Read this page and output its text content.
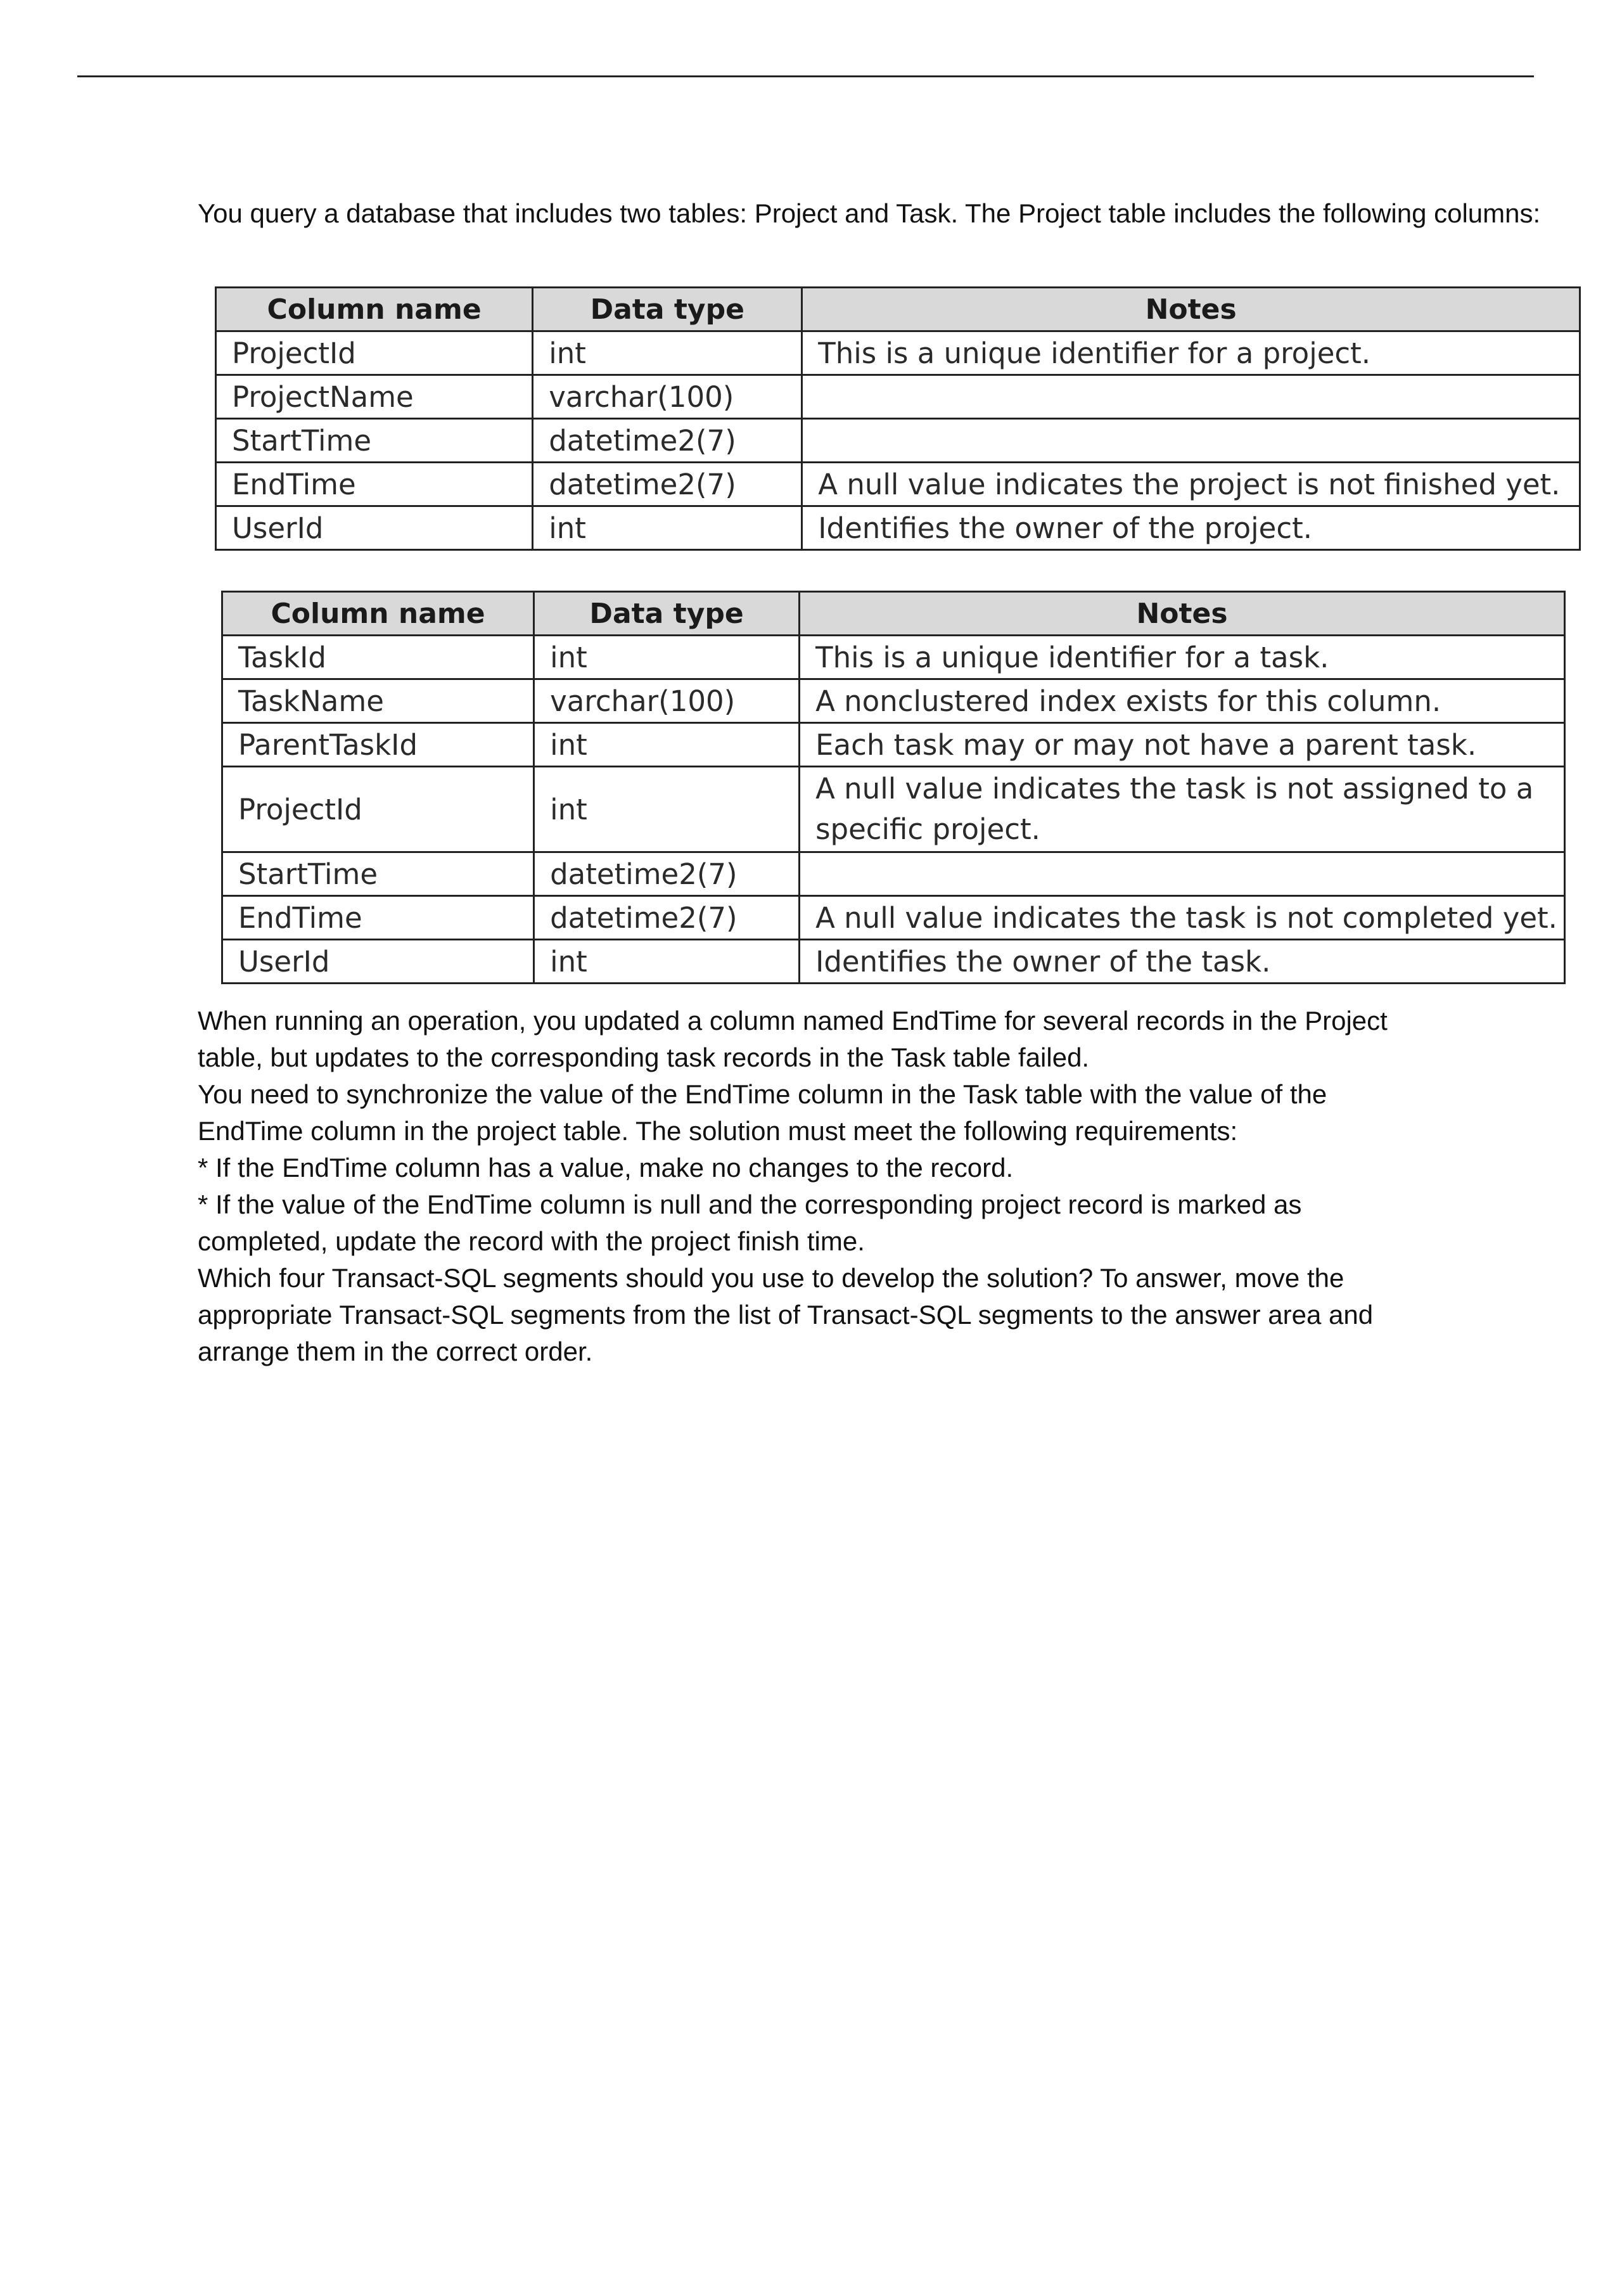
You query a database that includes two tables: Project and Task. The Project table includes the following columns:

Column name	Data type	Notes
ProjectId	int	This is a unique identifier for a project.
ProjectName	varchar(100)	
StartTime	datetime2(7)	
EndTime	datetime2(7)	A null value indicates the project is not finished yet.
UserId	int	Identifies the owner of the project.
Column name	Data type	Notes
TaskId	int	This is a unique identifier for a task.
TaskName	varchar(100)	A nonclustered index exists for this column.
ParentTaskId	int	Each task may or may not have a parent task.
ProjectId	int	A null value indicates the task is not assigned to a specific project.
StartTime	datetime2(7)	
EndTime	datetime2(7)	A null value indicates the task is not completed yet.
UserId	int	Identifies the owner of the task.

When running an operation, you updated a column named EndTime for several records in the Project

table, but updates to the corresponding task records in the Task table failed.

You need to synchronize the value of the EndTime column in the Task table with the value of the

EndTime column in the project table. The solution must meet the following requirements:

* If the EndTime column has a value, make no changes to the record.

* If the value of the EndTime column is null and the corresponding project record is marked as

completed, update the record with the project finish time.

Which four Transact-SQL segments should you use to develop the solution? To answer, move the

appropriate Transact-SQL segments from the list of Transact-SQL segments to the answer area and

arrange them in the correct order.
